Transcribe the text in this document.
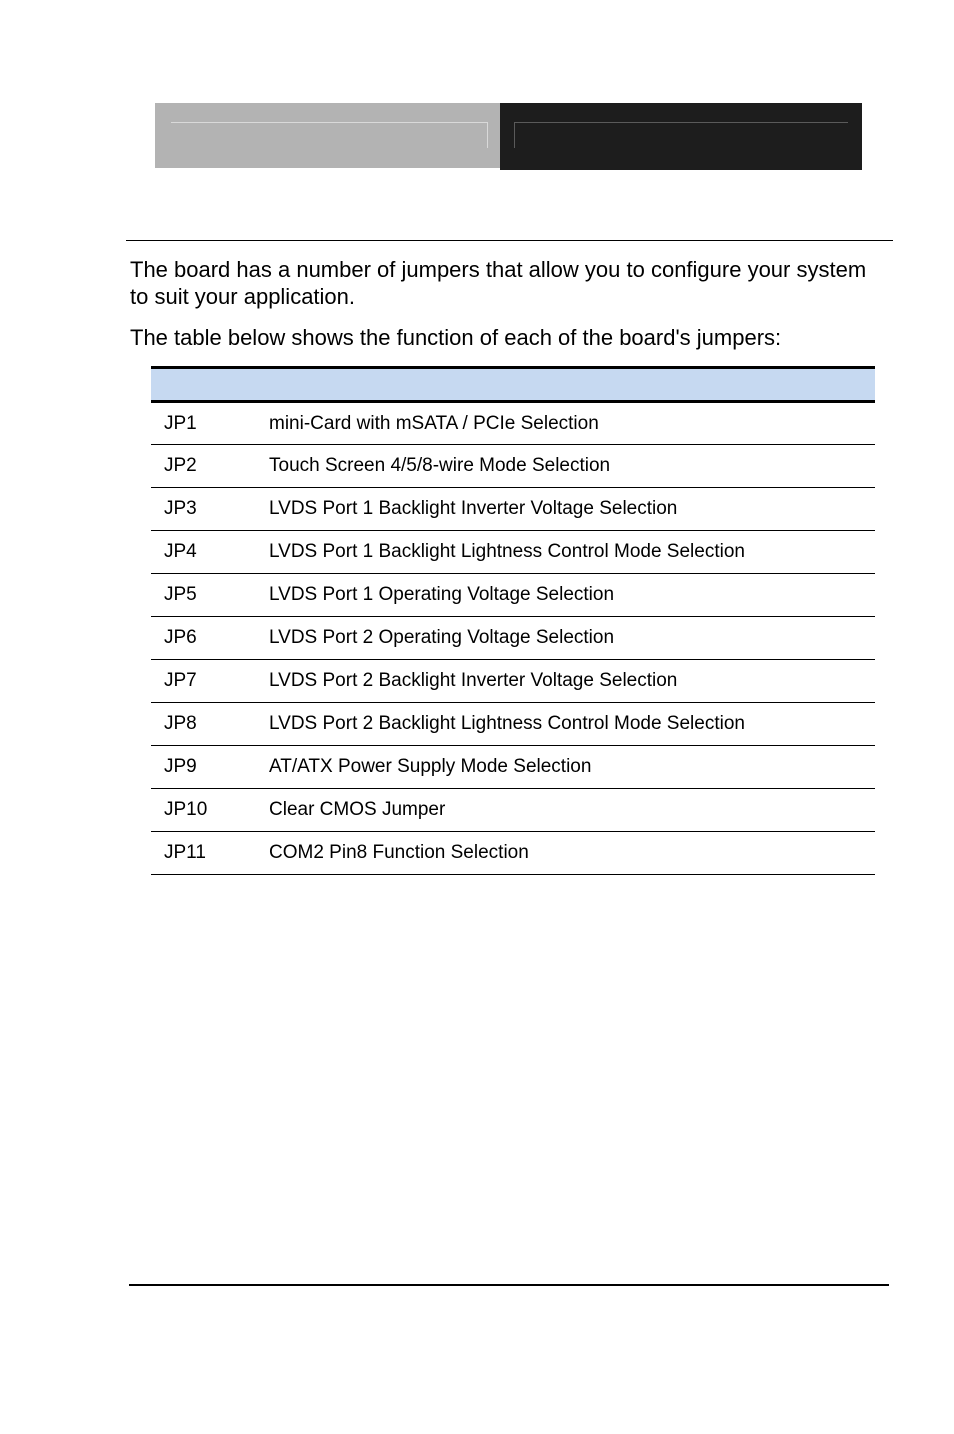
The board has a number of jumpers that allow you to configure your system to suit your application.

The table below shows the function of each of the board's jumpers:

JP1	mini-Card with mSATA / PCIe Selection
JP2	Touch Screen 4/5/8-wire Mode Selection
JP3	LVDS Port 1 Backlight Inverter Voltage Selection
JP4	LVDS Port 1 Backlight Lightness Control Mode Selection
JP5	LVDS Port 1 Operating Voltage Selection
JP6	LVDS Port 2 Operating Voltage Selection
JP7	LVDS Port 2 Backlight Inverter Voltage Selection
JP8	LVDS Port 2 Backlight Lightness Control Mode Selection
JP9	AT/ATX Power Supply Mode Selection
JP10	Clear CMOS Jumper
JP11	COM2 Pin8 Function Selection
